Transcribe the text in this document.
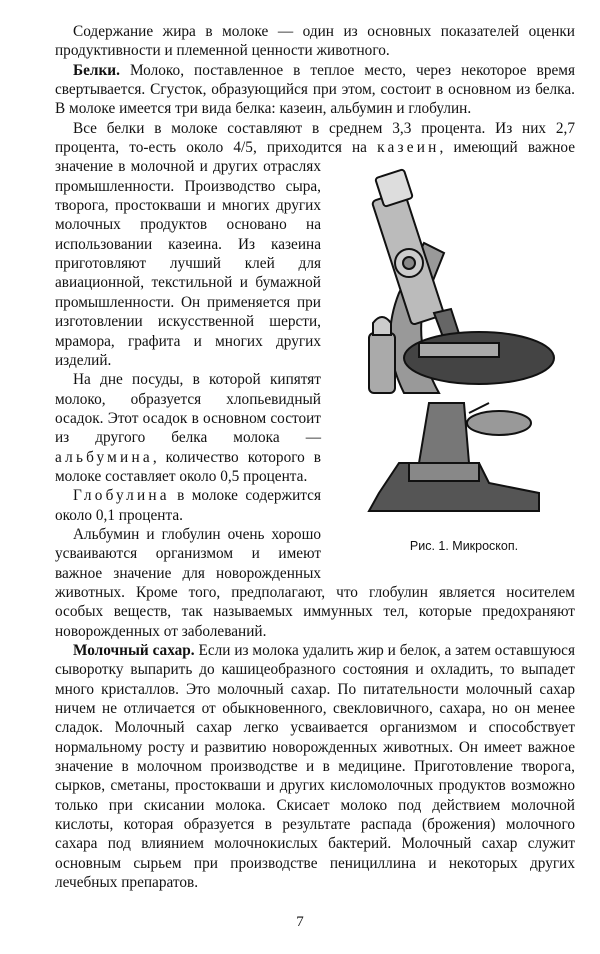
Содержание жира в молоке — один из основных показателей оценки продуктивности и племенной ценности животного.

Белки. Молоко, поставленное в теплое место, через некоторое время свертывается. Сгусток, образующийся при этом, состоит в основном из белка. В молоке имеется три вида белка: казеин, альбумин и глобулин.

Все белки в молоке составляют в среднем 3,3 процента. Из них 2,7 процента, то-есть около 4/5, приходится на казеин, имеющий
Рис. 1. Микроскоп.
важное значение в молочной и других отраслях промышленности. Производство сыра, творога, простокваши и многих других молочных продуктов основано на использовании казеина. Из казеина приготовляют лучший клей для авиационной, текстильной и бумажной промышленности. Он применяется при изготовлении искусственной шерсти, мрамора, графита и многих других изделий.

На дне посуды, в которой кипятят молоко, образуется хлопьевидный осадок. Этот осадок в основном состоит из другого белка молока — альбумина, количество которого в молоке составляет около 0,5 процента.

Глобулина в молоке содержится около 0,1 процента.

Альбумин и глобулин очень хорошо усваиваются организмом и имеют важное значение для новорожденных животных. Кроме того, предполагают, что глобулин является носителем особых веществ, так называемых иммунных тел, которые предохраняют новорожденных от заболеваний.

Молочный сахар. Если из молока удалить жир и белок, а затем оставшуюся сыворотку выпарить до кашицеобразного состояния и охладить, то выпадет много кристаллов. Это молочный сахар. По питательности молочный сахар ничем не отличается от обыкновенного, свекловичного, сахара, но он менее сладок. Молочный сахар легко усваивается организмом и способствует нормальному росту и развитию новорожденных животных. Он имеет важное значение в молочном производстве и в медицине. Приготовление творога, сырков, сметаны, простокваши и других кисломолочных продуктов возможно только при скисании молока. Скисает молоко под действием молочной кислоты, которая образуется в результате распада (брожения) молочного сахара под влиянием молочнокислых бактерий. Молочный сахар служит основным сырьем при производстве пенициллина и некоторых других лечебных препаратов.

7
